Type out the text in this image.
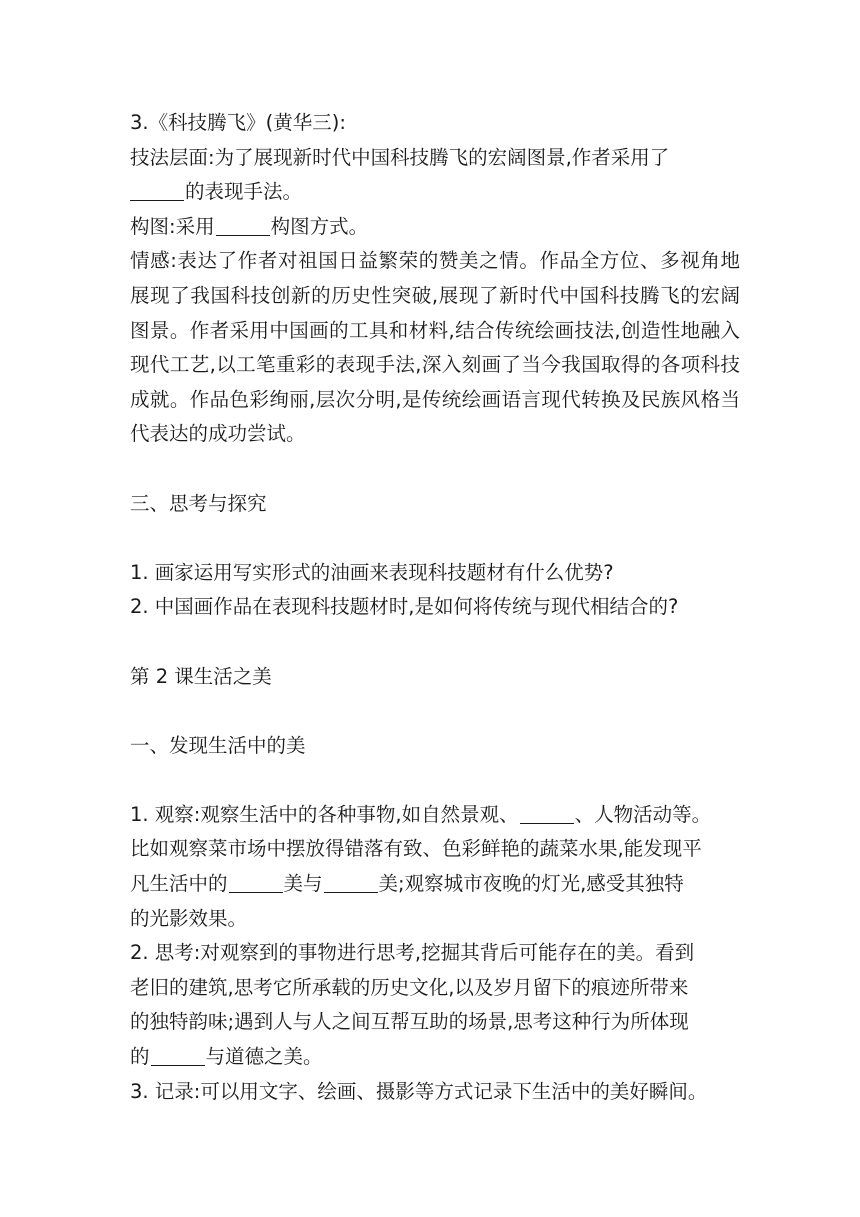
3.《科技腾飞》(黄华三):

技法层面:为了展现新时代中国科技腾飞的宏阔图景,作者采用了

的表现手法。

构图:采用	构图方式。

情感:表达了作者对祖国日益繁荣的赞美之情。作品全方位、多视角地展现了我国科技创新的历史性突破,展现了新时代中国科技腾飞的宏阔图景。作者采用中国画的工具和材料,结合传统绘画技法,创造性地融入现代工艺,以工笔重彩的表现手法,深入刻画了当今我国取得的各项科技成就。作品色彩绚丽,层次分明,是传统绘画语言现代转换及民族风格当代表达的成功尝试。

三、思考与探究

1. 画家运用写实形式的油画来表现科技题材有什么优势?

2. 中国画作品在表现科技题材时,是如何将传统与现代相结合的?

第 2 课生活之美

一、发现生活中的美

1. 观察:观察生活中的各种事物,如自然景观、	、人物活动等。

比如观察菜市场中摆放得错落有致、色彩鲜艳的蔬菜水果,能发现平

凡生活中的	美与	美;观察城市夜晚的灯光,感受其独特

的光影效果。

2. 思考:对观察到的事物进行思考,挖掘其背后可能存在的美。看到

老旧的建筑,思考它所承载的历史文化,以及岁月留下的痕迹所带来

的独特韵味;遇到人与人之间互帮互助的场景,思考这种行为所体现

的	与道德之美。

3. 记录:可以用文字、绘画、摄影等方式记录下生活中的美好瞬间。
